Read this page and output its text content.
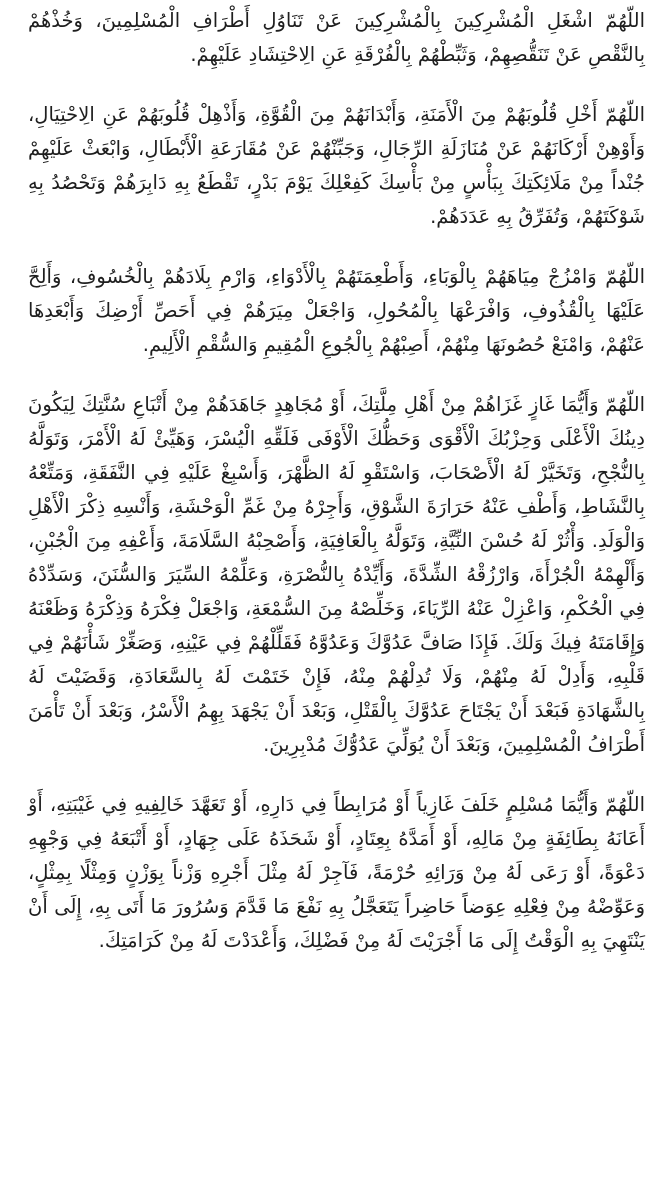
اللّهُمّ اشْغَلِ الْمُشْرِكِينَ بِالْمُشْرِكِينَ عَنْ تَنَاوُلِ أَطْرَافِ الْمُسْلِمِينَ، وَخُذْهُمْ بِالنَّقْصِ عَنْ تَنَقُّصِهِمْ، وَثَبِّطْهُمْ بِالْفُرْقَةِ عَنِ الِاحْتِشَادِ عَلَيْهِمْ.

اللّهُمّ أَخْلِ قُلُوبَهُمْ مِنَ الْأَمَنَةِ، وَأَبْدَانَهُمْ مِنَ الْقُوَّةِ، وَأَذْهِلْ قُلُوبَهُمْ عَنِ الِاحْتِيَالِ، وَأَوْهِنْ أَرْكَانَهُمْ عَنْ مُنَازَلَةِ الرِّجَالِ، وَجَبِّنْهُمْ عَنْ مُقَارَعَةِ الْأَبْطَالِ، وَابْعَثْ عَلَيْهِمْ جُنْداً مِنْ مَلَائِكَتِكَ بِبَأْسٍ مِنْ بَأْسِكَ كَفِعْلِكَ يَوْمَ بَدْرٍ، تَقْطَعُ بِهِ دَابِرَهُمْ وَتَحْصُدُ بِهِ شَوْكَتَهُمْ، وَتُفَرِّقُ بِهِ عَدَدَهُمْ.

اللّهُمّ وَامْزُجْ مِيَاهَهُمْ بِالْوَبَاءِ، وَأَطْعِمَتَهُمْ بِالْأَدْوَاءِ، وَارْمِ بِلَادَهُمْ بِالْخُسُوفِ، وَأَلِحَّ عَلَيْهَا بِالْقُذُوفِ، وَافْرَعْهَا بِالْمُحُولِ، وَاجْعَلْ مِيَرَهُمْ فِي أَحَصِّ أَرْضِكَ وَأَبْعَدِهَا عَنْهُمْ، وَامْنَعْ حُصُونَهَا مِنْهُمْ، أَصِبْهُمْ بِالْجُوعِ الْمُقِيمِ وَالسُّقْمِ الْأَلِيمِ.

اللّهُمّ وَأَيُّمَا غَازٍ غَزَاهُمْ مِنْ أَهْلِ مِلَّتِكَ، أَوْ مُجَاهِدٍ جَاهَدَهُمْ مِنْ أَتْبَاعِ سُنَّتِكَ لِيَكُونَ دِينُكَ الْأَعْلَى وَحِزْبُكَ الْأَقْوَى وَحَظُّكَ الْأَوْفَى فَلَقِّهِ الْيُسْرَ، وَهَيِّئْ لَهُ الْأَمْرَ، وَتَوَلَّهُ بِالنُّجْحِ، وَتَخَيَّرْ لَهُ الْأَصْحَابَ، وَاسْتَقْوِ لَهُ الظَّهْرَ، وَأَسْبِغْ عَلَيْهِ فِي النَّفَقَةِ، وَمَتِّعْهُ بِالنَّشَاطِ، وَأَطْفِ عَنْهُ حَرَارَةَ الشَّوْقِ، وَأَجِرْهُ مِنْ غَمِّ الْوَحْشَةِ، وَأَنْسِهِ ذِكْرَ الْأَهْلِ وَالْوَلَدِ. وَأْثُرْ لَهُ حُسْنَ النِّيَّةِ، وَتَوَلَّهُ بِالْعَافِيَةِ، وَأَصْحِبْهُ السَّلَامَةَ، وَأَعْفِهِ مِنَ الْجُبْنِ، وَأَلْهِمْهُ الْجُرْأَةَ، وَارْزُقْهُ الشِّدَّةَ، وَأَيِّدْهُ بِالنُّصْرَةِ، وَعَلِّمْهُ السِّيَرَ وَالسُّنَنَ، وَسَدِّدْهُ فِي الْحُكْمِ، وَاعْزِلْ عَنْهُ الرِّيَاءَ، وَخَلِّصْهُ مِنَ السُّمْعَةِ، وَاجْعَلْ فِكْرَهُ وَذِكْرَهُ وَظَعْنَهُ وَإِقَامَتَهُ فِيكَ وَلَكَ. فَإِذَا صَافَّ عَدُوَّكَ وَعَدُوَّهُ فَقَلِّلْهُمْ فِي عَيْنِهِ، وَصَغِّرْ شَأْنَهُمْ فِي قَلْبِهِ، وَأَدِلْ لَهُ مِنْهُمْ، وَلَا تُدِلْهُمْ مِنْهُ، فَإِنْ خَتَمْتَ لَهُ بِالسَّعَادَةِ، وَقَضَيْتَ لَهُ بِالشَّهَادَةِ فَبَعْدَ أَنْ يَجْتَاحَ عَدُوَّكَ بِالْقَتْلِ، وَبَعْدَ أَنْ يَجْهَدَ بِهِمُ الْأَسْرُ، وَبَعْدَ أَنْ تَأْمَنَ أَطْرَافُ الْمُسْلِمِينَ، وَبَعْدَ أَنْ يُوَلِّيَ عَدُوُّكَ مُدْبِرِينَ.

اللّهُمّ وَأَيُّمَا مُسْلِمٍ خَلَفَ غَازِياً أَوْ مُرَابِطاً فِي دَارِهِ، أَوْ تَعَهَّدَ خَالِفِيهِ فِي غَيْبَتِهِ، أَوْ أَعَانَهُ بِطَائِفَةٍ مِنْ مَالِهِ، أَوْ أَمَدَّهُ بِعِتَادٍ، أَوْ شَحَذَهُ عَلَى جِهَادٍ، أَوْ أَتْبَعَهُ فِي وَجْهِهِ دَعْوَةً، أَوْ رَعَى لَهُ مِنْ وَرَائِهِ حُرْمَةً، فَآجِرْ لَهُ مِثْلَ أَجْرِهِ وَزْناً بِوَزْنٍ وَمِثْلًا بِمِثْلٍ، وَعَوِّضْهُ مِنْ فِعْلِهِ عِوَضاً حَاضِراً يَتَعَجَّلُ بِهِ نَفْعَ مَا قَدَّمَ وَسُرُورَ مَا أَتَى بِهِ، إِلَى أَنْ يَنْتَهِيَ بِهِ الْوَقْتُ إِلَى مَا أَجْرَيْتَ لَهُ مِنْ فَضْلِكَ، وَأَعْدَدْتَ لَهُ مِنْ كَرَامَتِكَ.
